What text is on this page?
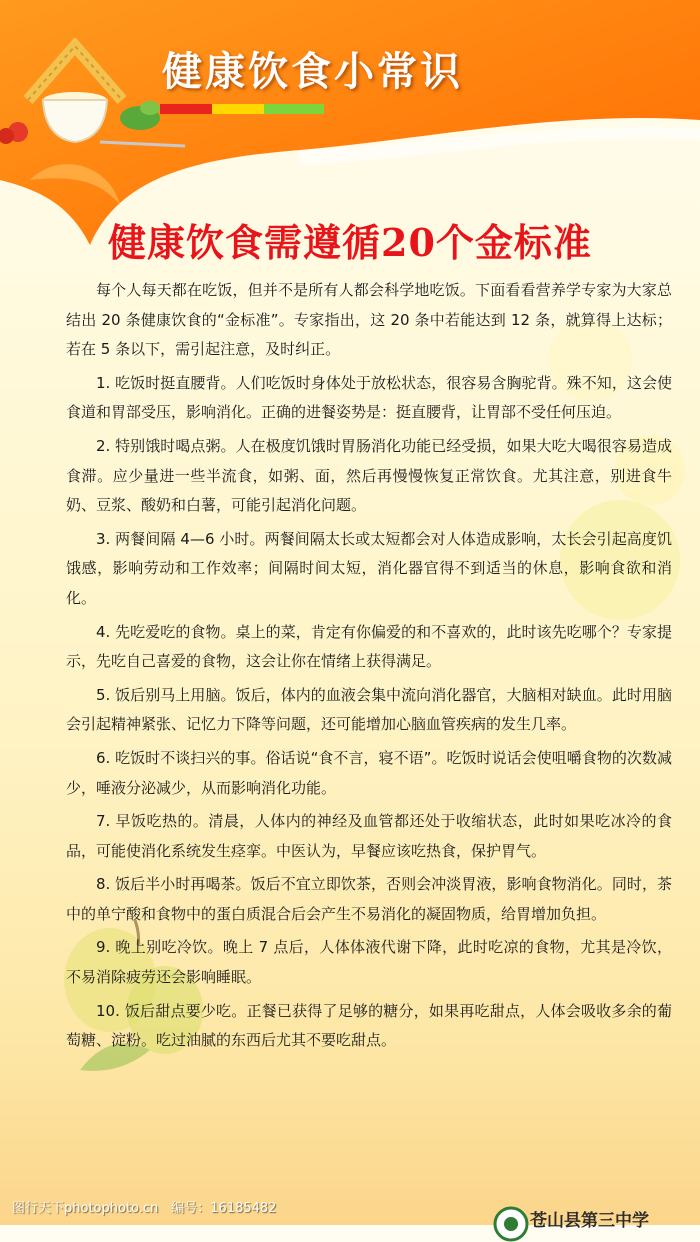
健康饮食小常识
健康饮食需遵循20个金标准

每个人每天都在吃饭，但并不是所有人都会科学地吃饭。下面看看营养学专家为大家总结出 20 条健康饮食的“金标准”。专家指出，这 20 条中若能达到 12 条，就算得上达标；若在 5 条以下，需引起注意，及时纠正。

1. 吃饭时挺直腰背。人们吃饭时身体处于放松状态，很容易含胸驼背。殊不知，这会使食道和胃部受压，影响消化。正确的进餐姿势是：挺直腰背，让胃部不受任何压迫。

2. 特别饿时喝点粥。人在极度饥饿时胃肠消化功能已经受损，如果大吃大喝很容易造成食滞。应少量进一些半流食，如粥、面，然后再慢慢恢复正常饮食。尤其注意，别进食牛奶、豆浆、酸奶和白薯，可能引起消化问题。

3. 两餐间隔 4—6 小时。两餐间隔太长或太短都会对人体造成影响，太长会引起高度饥饿感，影响劳动和工作效率；间隔时间太短，消化器官得不到适当的休息，影响食欲和消化。

4. 先吃爱吃的食物。桌上的菜，肯定有你偏爱的和不喜欢的，此时该先吃哪个？专家提示，先吃自己喜爱的食物，这会让你在情绪上获得满足。

5. 饭后别马上用脑。饭后，体内的血液会集中流向消化器官，大脑相对缺血。此时用脑会引起精神紧张、记忆力下降等问题，还可能增加心脑血管疾病的发生几率。

6. 吃饭时不谈扫兴的事。俗话说“食不言，寝不语”。吃饭时说话会使咀嚼食物的次数减少，唾液分泌减少，从而影响消化功能。

7. 早饭吃热的。清晨，人体内的神经及血管都还处于收缩状态，此时如果吃冰冷的食品，可能使消化系统发生痉挛。中医认为，早餐应该吃热食，保护胃气。

8. 饭后半小时再喝茶。饭后不宜立即饮茶，否则会冲淡胃液，影响食物消化。同时，茶中的单宁酸和食物中的蛋白质混合后会产生不易消化的凝固物质，给胃增加负担。

9. 晚上别吃冷饮。晚上 7 点后，人体体液代谢下降，此时吃凉的食物，尤其是冷饮，不易消除疲劳还会影响睡眠。

10. 饭后甜点要少吃。正餐已获得了足够的糖分，如果再吃甜点，人体会吸收多余的葡萄糖、淀粉。吃过油腻的东西后尤其不要吃甜点。

图行天下photophoto.cn　编号：16185482
苍山县第三中学
